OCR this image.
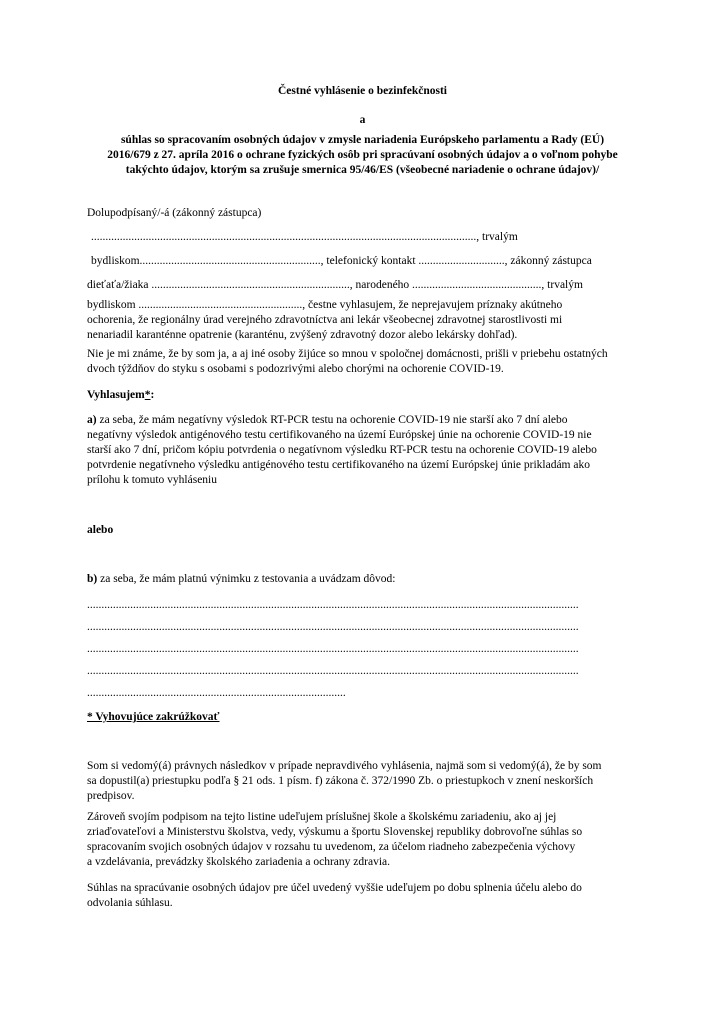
Čestné vyhlásenie o bezinfekčnosti
a
súhlas so spracovaním osobných údajov v zmysle nariadenia Európskeho parlamentu a Rady (EÚ)
2016/679 z 27. apríla 2016 o ochrane fyzických osôb pri spracúvaní osobných údajov a o voľnom pohybe
takýchto údajov, ktorým sa zrušuje smernica 95/46/ES (všeobecné nariadenie o ochrane údajov)/
Dolupodpísaný/-á (zákonný zástupca)
......................................................................................................................................, trvalým
bydliskom..............................................................., telefonický kontakt .............................., zákonný zástupca
dieťaťa/žiaka ....................................................................., narodeného ............................................., trvalým
bydliskom ........................................................., čestne vyhlasujem, že neprejavujem príznaky akútneho
ochorenia, že regionálny úrad verejného zdravotníctva ani lekár všeobecnej zdravotnej starostlivosti mi
nenariadil karanténne opatrenie (karanténu, zvýšený zdravotný dozor alebo lekársky dohľad).
Nie je mi známe, že by som ja, a aj iné osoby žijúce so mnou v spoločnej domácnosti, prišli v priebehu ostatných
dvoch týždňov do styku s osobami s podozrivými alebo chorými na ochorenie COVID-19.
Vyhlasujem*:
a) za seba, že mám negatívny výsledok RT-PCR testu na ochorenie COVID-19 nie starší ako 7 dní alebo
negatívny výsledok antigénového testu certifikovaného na území Európskej únie na ochorenie COVID-19 nie
starší ako 7 dní, pričom kópiu potvrdenia o negatívnom výsledku RT-PCR testu na ochorenie COVID-19 alebo
potvrdenie negatívneho výsledku antigénového testu certifikovaného na území Európskej únie prikladám ako
prílohu k tomuto vyhláseniu
alebo
b) za seba, že mám platnú výnimku z testovania a uvádzam dôvod:
...........................................................................................................................................................................
...........................................................................................................................................................................
...........................................................................................................................................................................
...........................................................................................................................................................................
..........................................................................................
* Vyhovujúce zakrúžkovať
Som si vedomý(á) právnych následkov v prípade nepravdivého vyhlásenia, najmä som si vedomý(á), že by som
sa dopustil(a) priestupku podľa § 21 ods. 1 písm. f) zákona č. 372/1990 Zb. o priestupkoch v znení neskorších
predpisov.
Zároveň svojím podpisom na tejto listine udeľujem príslušnej škole a školskému zariadeniu, ako aj jej
zriaďovateľovi a Ministerstvu školstva, vedy, výskumu a športu Slovenskej republiky dobrovoľne súhlas so
spracovaním svojich osobných údajov v rozsahu tu uvedenom, za účelom riadneho zabezpečenia výchovy
a vzdelávania, prevádzky školského zariadenia a ochrany zdravia.
Súhlas na spracúvanie osobných údajov pre účel uvedený vyššie udeľujem po dobu splnenia účelu alebo do
odvolania súhlasu.
